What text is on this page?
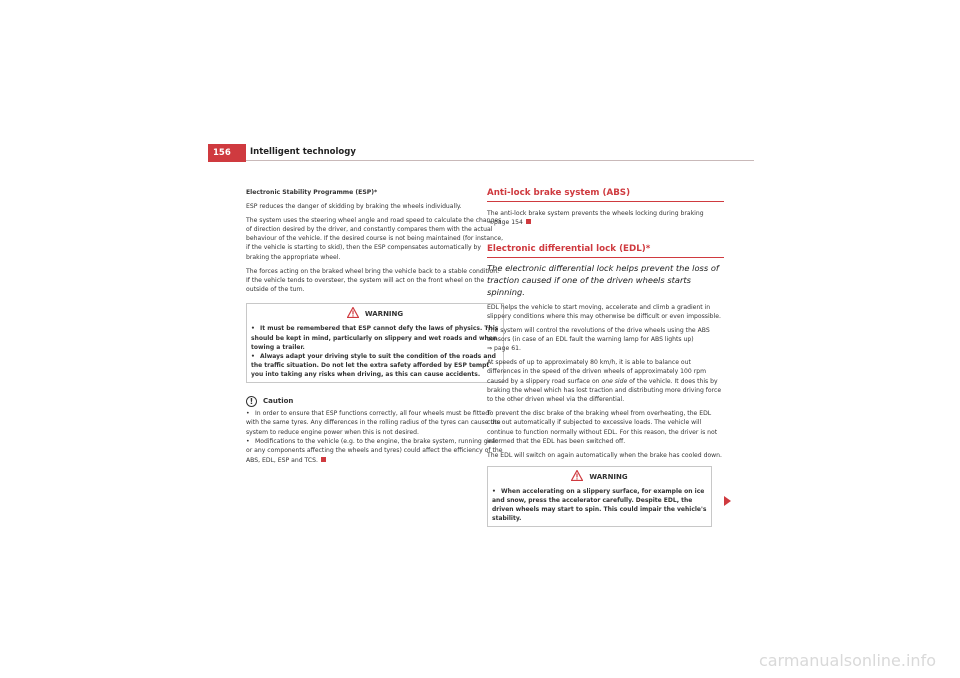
156	Intelligent technology

Electronic Stability Programme (ESP)*

ESP reduces the danger of skidding by braking the wheels individually.

The system uses the steering wheel angle and road speed to calculate the changes of direction desired by the driver, and constantly compares them with the actual behaviour of the vehicle. If the desired course is not being maintained (for instance, if the vehicle is starting to skid), then the ESP compensates automatically by braking the appropriate wheel.

The forces acting on the braked wheel bring the vehicle back to a stable condition. If the vehicle tends to oversteer, the system will act on the front wheel on the outside of the turn.

WARNING
• It must be remembered that ESP cannot defy the laws of physics. This should be kept in mind, particularly on slippery and wet roads and when towing a trailer.
• Always adapt your driving style to suit the condition of the roads and the traffic situation. Do not let the extra safety afforded by ESP tempt you into taking any risks when driving, as this can cause accidents.
! Caution
• In order to ensure that ESP functions correctly, all four wheels must be fitted with the same tyres. Any differences in the rolling radius of the tyres can cause the system to reduce engine power when this is not desired.
• Modifications to the vehicle (e.g. to the engine, the brake system, running gear or any components affecting the wheels and tyres) could affect the efficiency of the ABS, EDL, ESP and TCS.
Anti-lock brake system (ABS)

The anti-lock brake system prevents the wheels locking during braking
⇒ page 154

Electronic differential lock (EDL)*
The electronic differential lock helps prevent the loss of traction caused if one of the driven wheels starts spinning.

EDL helps the vehicle to start moving, accelerate and climb a gradient in slippery conditions where this may otherwise be difficult or even impossible.

The system will control the revolutions of the drive wheels using the ABS sensors (in case of an EDL fault the warning lamp for ABS lights up)
⇒ page 61.

At speeds of up to approximately 80 km/h, it is able to balance out differences in the speed of the driven wheels of approximately 100 rpm caused by a slippery road surface on one side of the vehicle. It does this by braking the wheel which has lost traction and distributing more driving force to the other driven wheel via the differential.

To prevent the disc brake of the braking wheel from overheating, the EDL cuts out automatically if subjected to excessive loads. The vehicle will continue to function normally without EDL. For this reason, the driver is not informed that the EDL has been switched off.

The EDL will switch on again automatically when the brake has cooled down.

WARNING
• When accelerating on a slippery surface, for example on ice and snow, press the accelerator carefully. Despite EDL, the driven wheels may start to spin. This could impair the vehicle's stability.
carmanualsonline.info
